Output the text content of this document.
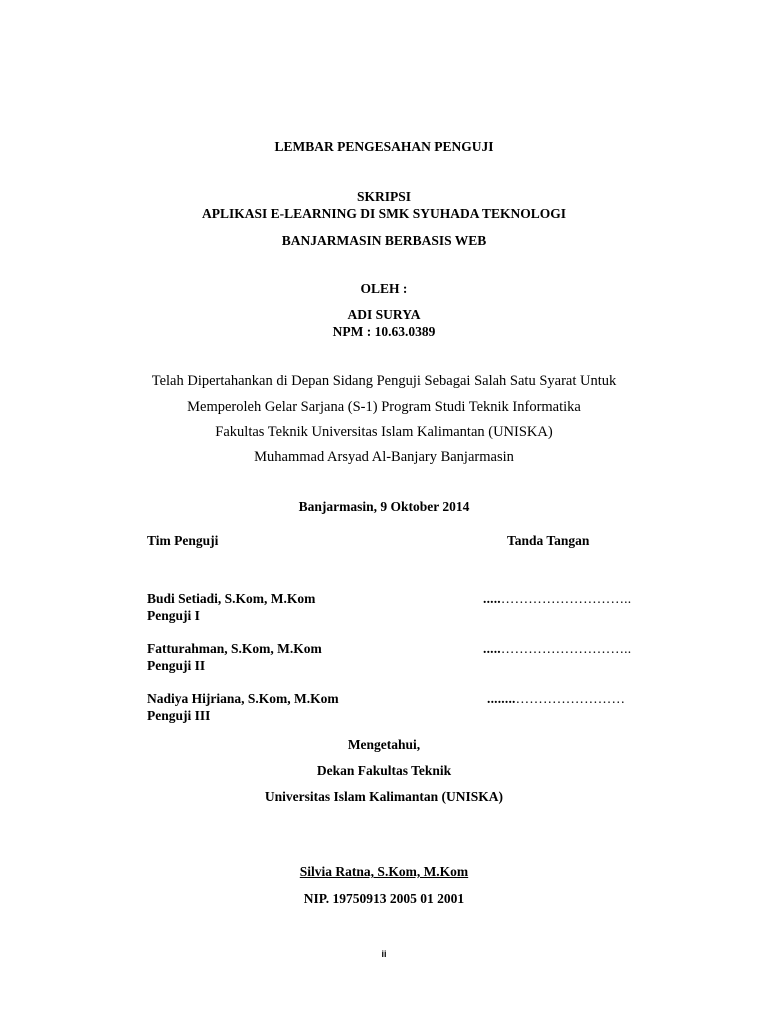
LEMBAR PENGESAHAN PENGUJI
SKRIPSI
APLIKASI E-LEARNING DI SMK SYUHADA TEKNOLOGI
BANJARMASIN BERBASIS WEB
OLEH :
ADI SURYA
NPM : 10.63.0389
Telah Dipertahankan di Depan Sidang Penguji Sebagai Salah Satu Syarat Untuk
Memperoleh Gelar Sarjana (S-1) Program Studi Teknik Informatika
Fakultas Teknik Universitas Islam Kalimantan (UNISKA)
Muhammad Arsyad Al-Banjary Banjarmasin
Banjarmasin, 9 Oktober 2014
Tim Penguji	Tanda Tangan
Budi Setiadi, S.Kom, M.Kom
Penguji I
.....………………………..
Fatturahman, S.Kom, M.Kom
Penguji II
.....………………………..
Nadiya Hijriana, S.Kom, M.Kom
Penguji III
........……………………
Mengetahui,
Dekan Fakultas Teknik
Universitas Islam Kalimantan (UNISKA)
Silvia Ratna, S.Kom, M.Kom
NIP. 19750913 2005 01 2001
ii
